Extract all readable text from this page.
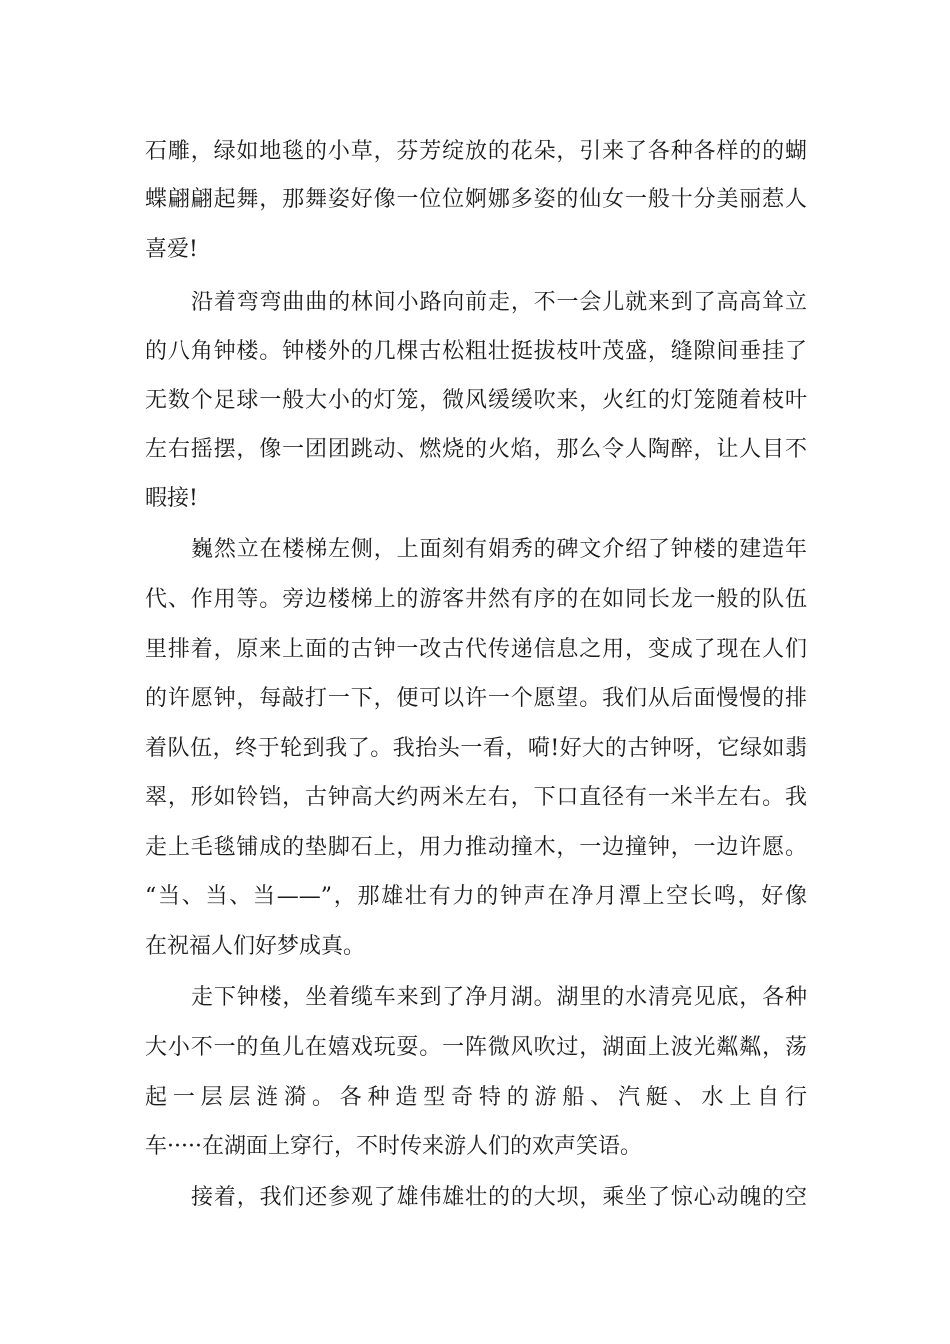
石雕，绿如地毯的小草，芬芳绽放的花朵，引来了各种各样的的蝴
蝶翩翩起舞，那舞姿好像一位位婀娜多姿的仙女一般十分美丽惹人
喜爱!
沿着弯弯曲曲的林间小路向前走，不一会儿就来到了高高耸立
的八角钟楼。钟楼外的几棵古松粗壮挺拔枝叶茂盛，缝隙间垂挂了
无数个足球一般大小的灯笼，微风缓缓吹来，火红的灯笼随着枝叶
左右摇摆，像一团团跳动、燃烧的火焰，那么令人陶醉，让人目不
暇接!
巍然立在楼梯左侧，上面刻有娟秀的碑文介绍了钟楼的建造年
代、作用等。旁边楼梯上的游客井然有序的在如同长龙一般的队伍
里排着，原来上面的古钟一改古代传递信息之用，变成了现在人们
的许愿钟，每敲打一下，便可以许一个愿望。我们从后面慢慢的排
着队伍，终于轮到我了。我抬头一看，嗬!好大的古钟呀，它绿如翡
翠，形如铃铛，古钟高大约两米左右，下口直径有一米半左右。我
走上毛毯铺成的垫脚石上，用力推动撞木，一边撞钟，一边许愿。
“当、当、当——”，那雄壮有力的钟声在净月潭上空长鸣，好像
在祝福人们好梦成真。
走下钟楼，坐着缆车来到了净月湖。湖里的水清亮见底，各种
大小不一的鱼儿在嬉戏玩耍。一阵微风吹过，湖面上波光粼粼，荡
起一层层涟漪。各种造型奇特的游船、汽艇、水上自行
车·····在湖面上穿行，不时传来游人们的欢声笑语。
接着，我们还参观了雄伟雄壮的的大坝，乘坐了惊心动魄的空
